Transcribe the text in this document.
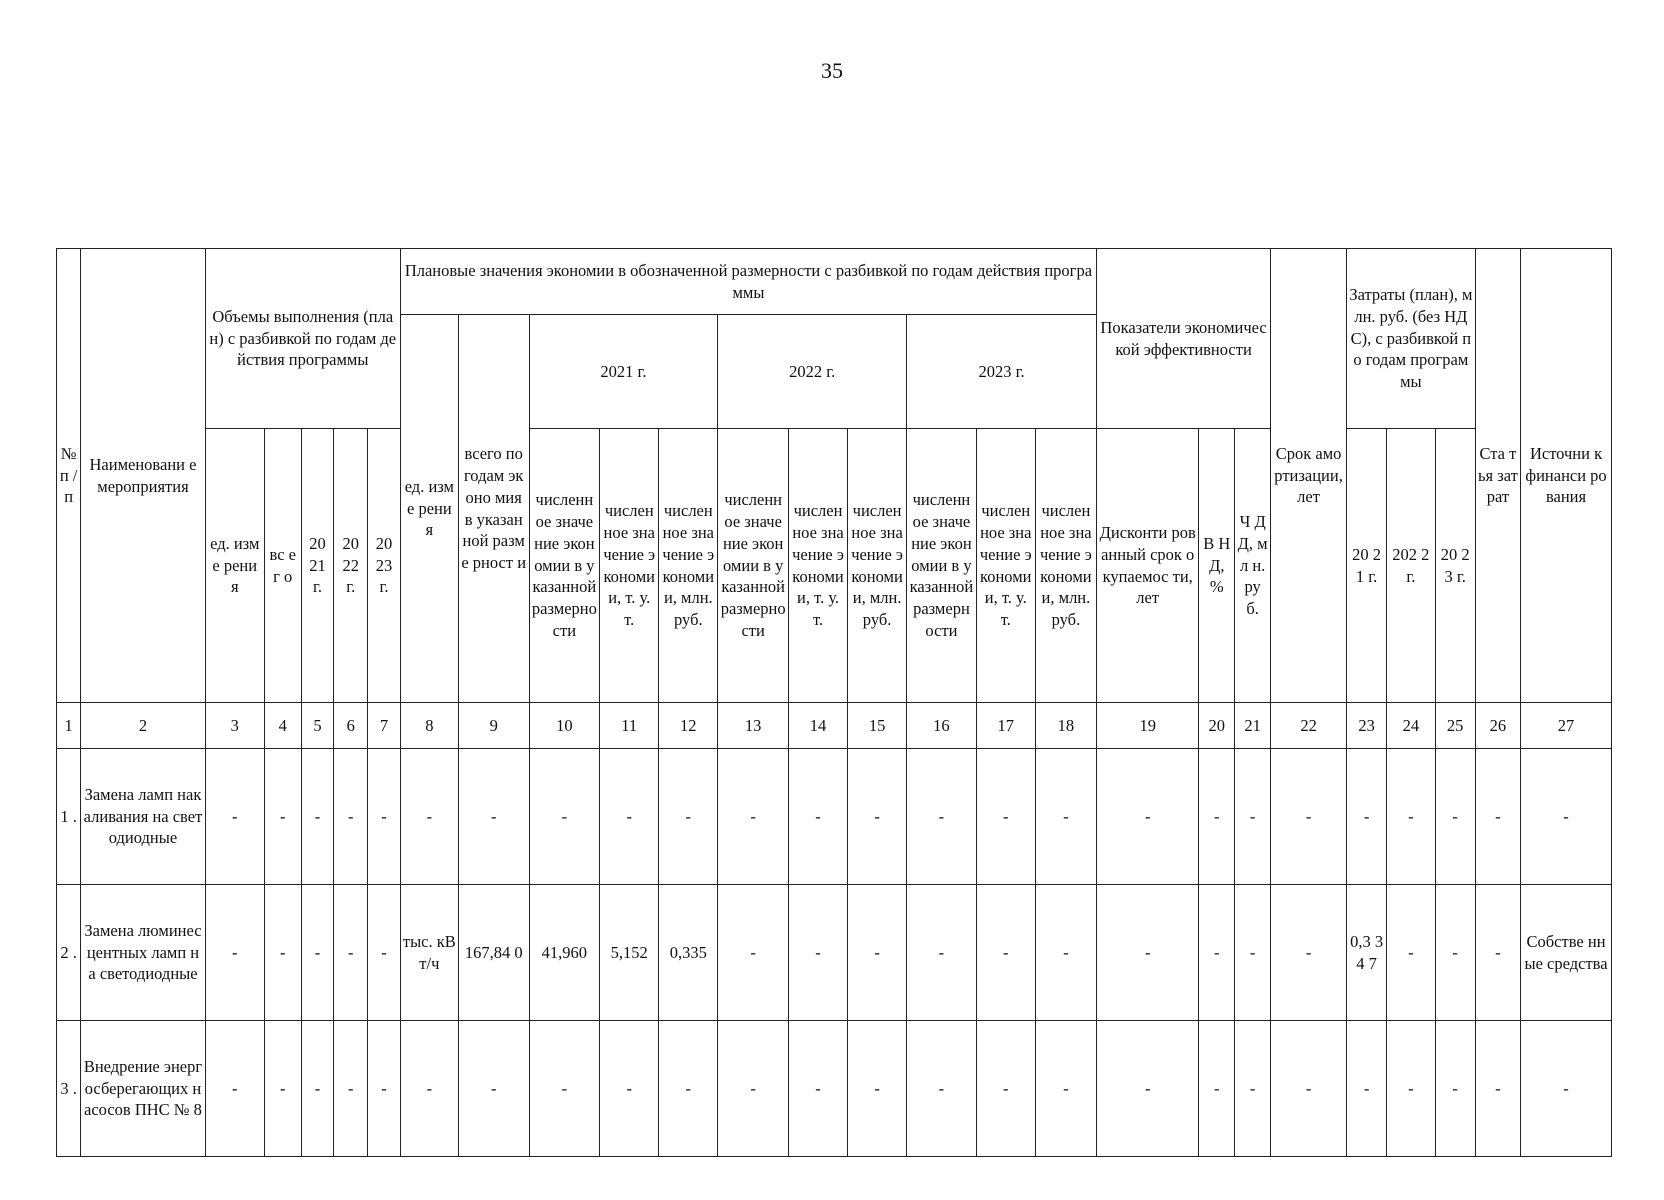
35
№ п / п	Наименовани е мероприятия	Объемы выполнения (план) с разбивкой по годам действия программы					Плановые значения экономии в обозначенной размерности с разбивкой по годам действия программы											Показатели экономической эффективности			Срок амортизации, лет	Затраты (план), млн. руб. (без НДС), с разбивкой по годам программы			Ста тья зат рат	Источни к финанси рования
							ед. изме рени я	всего по годам эконо мия в указан ной разме рност и	2021 г.			2022 г.			2023 г.											
		ед. изме рени я	вс ег о	20 21 г.	20 22 г.	20 23 г.			численное значение экономии в указанной размерности	численное значение экономии, т. у. т.	численное значение экономии, млн. руб.	численное значение экономии в указанной размерности	численное значение экономии, т. у. т.	численное значение экономии, млн. руб.	численное значение экономии в указанной размерности	численное значение экономии, т. у. т.	численное значение экономии, млн. руб.	Дисконти рованный срок окупаемос ти, лет	В Н Д, %	Ч Д Д, мл н. ру б.		20 21 г.	202 2 г.	20 23 г.		
1	2	3	4	5	6	7	8	9	10	11	12	13	14	15	16	17	18	19	20	21	22	23	24	25	26	27
1 .	Замена ламп накаливания на светодиодные	-	-	-	-	-	-	-	-	-	-	-	-	-	-	-	-	-	-	-	-	-	-	-	-	-
2 .	Замена люминесцентных ламп на светодиодные	-	-	-	-	-	тыс. кВт/ч	167,84 0	41,960	5,152	0,335	-	-	-	-	-	-	-	-	-	-	0,3 34 7	-	-	-	Собстве нные средства
3 .	Внедрение энергосберегающих насосов ПНС № 8	-	-	-	-	-	-	-	-	-	-	-	-	-	-	-	-	-	-	-	-	-	-	-	-	-
